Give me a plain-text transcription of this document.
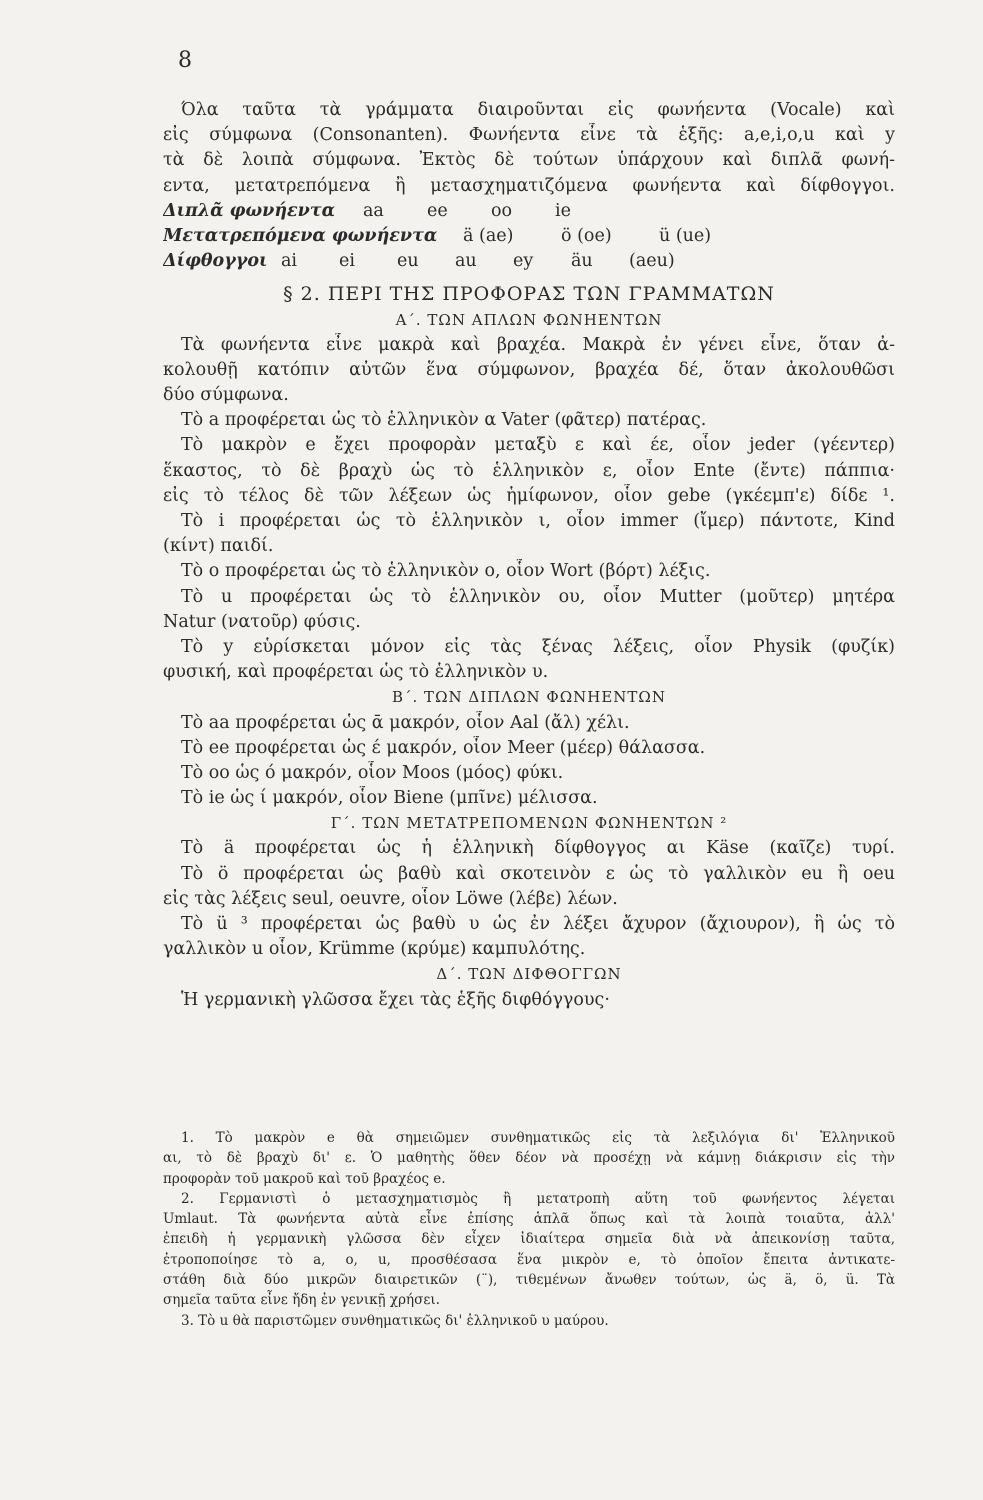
8
Όλα ταῦτα τὰ γράμματα διαιροῦνται εἰς φωνήεντα (Vocale) καὶ
εἰς σύμφωνα (Consonanten). Φωνήεντα εἶνε τὰ ἑξῆς: a,e,i,o,u καὶ y
τὰ δὲ λοιπὰ σύμφωνα. Ἐκτὸς δὲ τούτων ὑπάρχουν καὶ διπλᾶ φωνή-
εντα, μετατρεπόμενα ἢ μετασχηματιζόμενα φωνήεντα καὶ δίφθογγοι.
Διπλᾶ φωνήεντα aa ee oo ie
Μετατρεπόμενα φωνήεντα ä (ae)	ö (oe)	ü (ue)
Δίφθογγοι ai ei eu au ey äu (aeu)
§ 2. ΠΕΡΙ ΤΗΣ ΠΡΟΦΟΡΑΣ ΤΩΝ ΓΡΑΜΜΑΤΩΝ
Α΄. ΤΩΝ ΑΠΛΩΝ ΦΩΝΗΕΝΤΩΝ
Τὰ φωνήεντα εἶνε μακρὰ καὶ βραχέα. Μακρὰ ἐν γένει εἶνε, ὅταν ἀ-
κολουθῇ κατόπιν αὐτῶν ἕνα σύμφωνον, βραχέα δέ, ὅταν ἀκολουθῶσι
δύο σύμφωνα.
Τὸ a προφέρεται ὡς τὸ ἑλληνικὸν α Vater (φᾶτερ) πατέρας.
Τὸ μακρὸν e ἔχει προφορὰν μεταξὺ ε καὶ έε, οἷον jeder (γέεντερ)
ἕκαστος, τὸ δὲ βραχὺ ὡς τὸ ἑλληνικὸν ε, οἷον Ente (ἔντε) πάππια·
εἰς τὸ τέλος δὲ τῶν λέξεων ὡς ἡμίφωνον, οἷον gebe (γκέεμπ'ε) δίδε ¹.
Τὸ i προφέρεται ὡς τὸ ἑλληνικὸν ι, οἷον immer (ἴμερ) πάντοτε, Kind
(κίντ) παιδί.
Τὸ o προφέρεται ὡς τὸ ἑλληνικὸν ο, οἷον Wort (βόρτ) λέξις.
Τὸ u προφέρεται ὡς τὸ ἑλληνικὸν ου, οἷον Mutter (μοῦτερ) μητέρα
Natur (νατοῦρ) φύσις.
Τὸ y εὑρίσκεται μόνον εἰς τὰς ξένας λέξεις, οἷον Physik (φυζίκ)
φυσική, καὶ προφέρεται ὡς τὸ ἑλληνικὸν υ.
Β΄. ΤΩΝ ΔΙΠΛΩΝ ΦΩΝΗΕΝΤΩΝ
Τὸ aa προφέρεται ὡς ᾱ μακρόν, οἷον Aal (ἄλ) χέλι.
Τὸ ee προφέρεται ὡς έ μακρόν, οἷον Meer (μέερ) θάλασσα.
Τὸ oo ὡς ό μακρόν, οἷον Moos (μόος) φύκι.
Τὸ ie ὡς ί μακρόν, οἷον Biene (μπῖνε) μέλισσα.
Γ΄. ΤΩΝ ΜΕΤΑΤΡΕΠΟΜΕΝΩΝ ΦΩΝΗΕΝΤΩΝ ²
Τὸ ä προφέρεται ὡς ἡ ἑλληνικὴ δίφθογγος αι Käse (καῖζε) τυρί.
Τὸ ö προφέρεται ὡς βαθὺ καὶ σκοτεινὸν ε ὡς τὸ γαλλικὸν eu ἢ oeu
εἰς τὰς λέξεις seul, oeuvre, οἷον Löwe (λέβε) λέων.
Τὸ ü ³ προφέρεται ὡς βαθὺ υ ὡς ἐν λέξει ἄχυρον (ἄχιουρον), ἢ ὡς τὸ
γαλλικὸν u οἷον, Krümme (κρύμε) καμπυλότης.
Δ΄. ΤΩΝ ΔΙΦΘΟΓΓΩΝ
Ἡ γερμανικὴ γλῶσσα ἔχει τὰς ἑξῆς διφθόγγους·
1. Τὸ μακρὸν e θὰ σημειῶμεν συνθηματικῶς εἰς τὰ λεξιλόγια δι' Ἑλληνικοῦ
αι, τὸ δὲ βραχὺ δι' ε. Ὁ μαθητὴς ὅθεν δέον νὰ προσέχῃ νὰ κάμνῃ διάκρισιν εἰς τὴν
προφορὰν τοῦ μακροῦ καὶ τοῦ βραχέος e.
2. Γερμανιστὶ ὁ μετασχηματισμὸς ἢ μετατροπὴ αὕτη τοῦ φωνήεντος λέγεται
Umlaut. Τὰ φωνήεντα αὐτὰ εἶνε ἐπίσης ἁπλᾶ ὅπως καὶ τὰ λοιπὰ τοιαῦτα, ἀλλ'
ἐπειδὴ ἡ γερμανικὴ γλῶσσα δὲν εἶχεν ἰδιαίτερα σημεῖα διὰ νὰ ἀπεικονίσῃ ταῦτα,
ἐτροποποίησε τὸ a, o, u, προσθέσασα ἕνα μικρὸν e, τὸ ὁποῖον ἔπειτα ἀντικατε-
στάθη διὰ δύο μικρῶν διαιρετικῶν (¨), τιθεμένων ἄνωθεν τούτων, ὡς ä, ö, ü. Τὰ
σημεῖα ταῦτα εἶνε ἤδη ἐν γενικῇ χρήσει.
3. Τὸ u θὰ παριστῶμεν συνθηματικῶς δι' ἑλληνικοῦ υ μαύρου.
